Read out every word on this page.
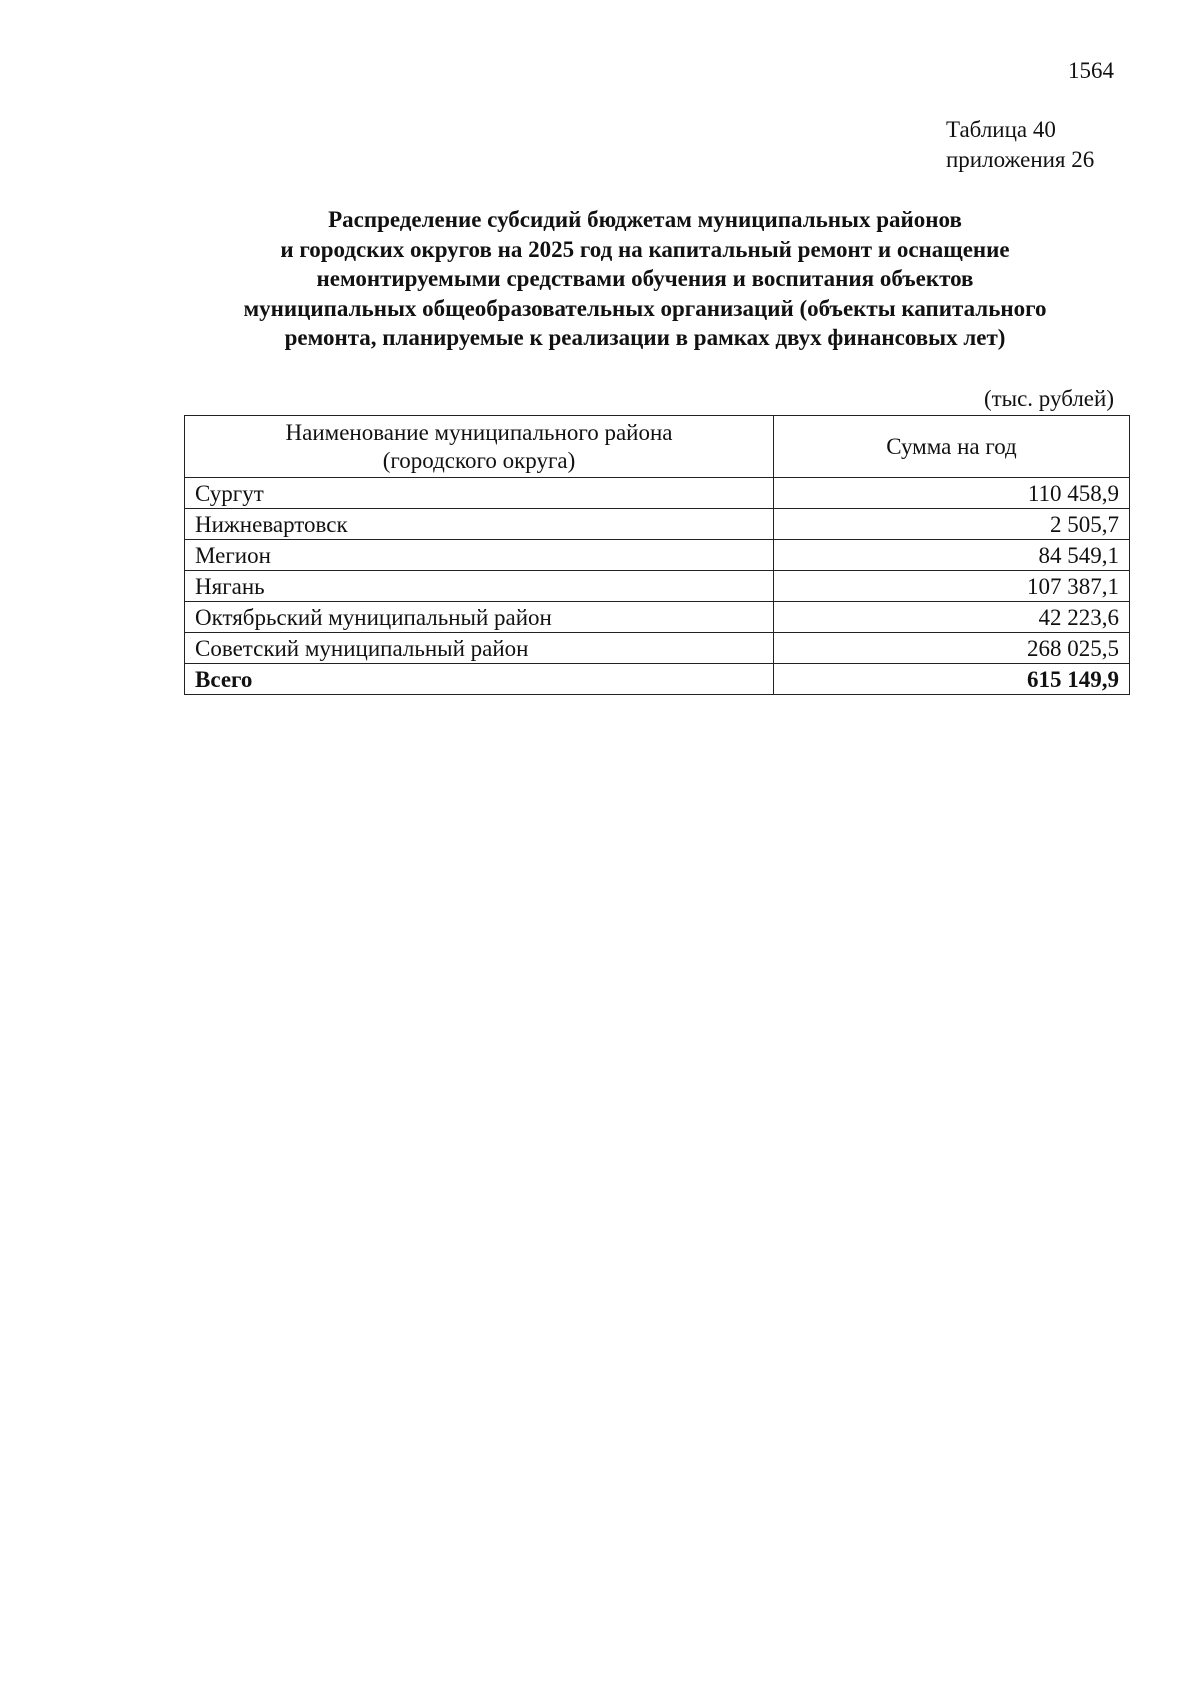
1564
Таблица 40
приложения 26
Распределение субсидий бюджетам муниципальных районов
и городских округов на 2025 год на капитальный ремонт и оснащение
немонтируемыми средствами обучения и воспитания объектов
муниципальных общеобразовательных организаций (объекты капитального
ремонта, планируемые к реализации в рамках двух финансовых лет)
(тыс. рублей)
Наименование муниципального района
(городского округа)	Сумма на год
Сургут	110 458,9
Нижневартовск	2 505,7
Мегион	84 549,1
Нягань	107 387,1
Октябрьский муниципальный район	42 223,6
Советский муниципальный район	268 025,5
Всего	615 149,9
